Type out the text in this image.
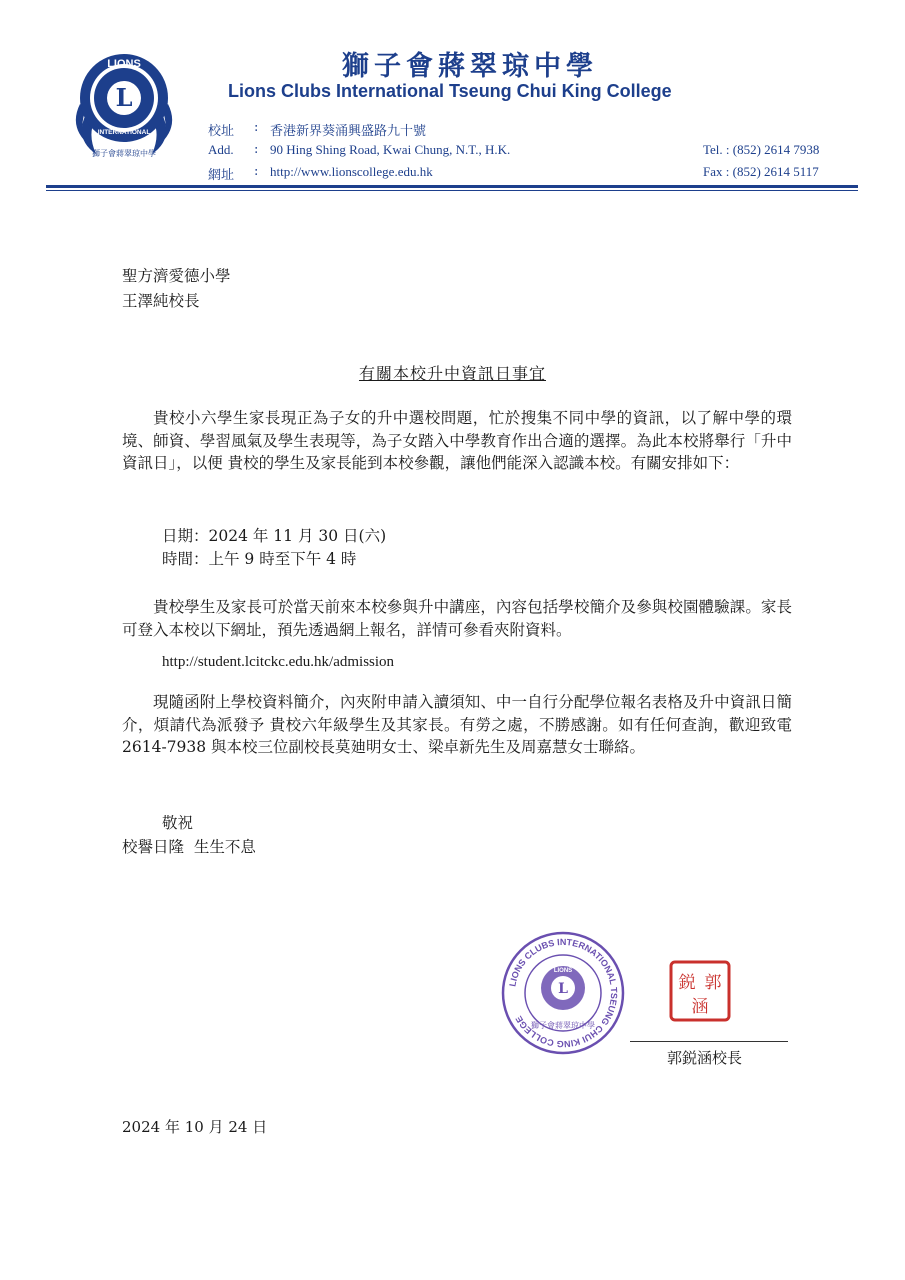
L
LIONS
INTERNATIONAL
獅子會蔣翠琼中學
獅子會蔣翠琼中學
Lions Clubs International Tseung Chui King College
校址 : 香港新界葵涌興盛路九十號
Add. : 90 Hing Shing Road, Kwai Chung, N.T., H.K.
網址 : http://www.lionscollege.edu.hk
Tel. : (852) 2614 7938
Fax : (852) 2614 5117
聖方濟愛德小學
王澤純校長
有關本校升中資訊日事宜
貴校小六學生家長現正為子女的升中選校問題，忙於搜集不同中學的資訊，以了解中學的環境、師資、學習風氣及學生表現等，為子女踏入中學教育作出合適的選擇。為此本校將舉行「升中資訊日」，以便 貴校的學生及家長能到本校參觀，讓他們能深入認識本校。有關安排如下：
日期：2024 年 11 月 30 日(六)
時間：上午 9 時至下午 4 時
貴校學生及家長可於當天前來本校參與升中講座，內容包括學校簡介及參與校園體驗課。家長可登入本校以下網址，預先透過網上報名，詳情可參看夾附資料。
http://student.lcitckc.edu.hk/admission
現隨函附上學校資料簡介，內夾附申請入讀須知、中一自行分配學位報名表格及升中資訊日簡介，煩請代為派發予 貴校六年級學生及其家長。有勞之處，不勝感謝。如有任何查詢，歡迎致電 2614-7938 與本校三位副校長莫廸明女士、梁卓新先生及周嘉慧女士聯絡。
敬祝
校譽日隆  生生不息
LIONS CLUBS INTERNATIONAL TSEUNG CHUI KING COLLEGE
L
LIONS
獅子會蔣翠琼中學
鋭 郭
涵
郭鋭涵校長
2024 年 10 月 24 日
